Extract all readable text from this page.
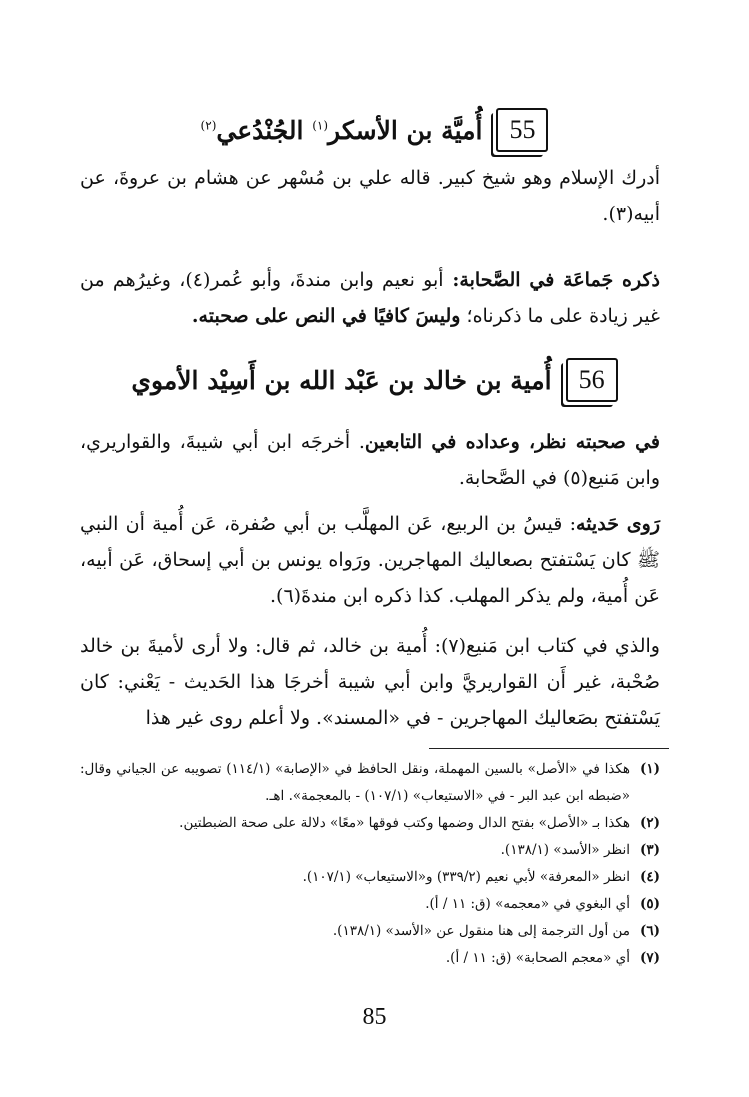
55
أُميَّة بن الأسكر$^{(١)}$ الجُنْدُعي$^{(٢)}$

أدرك الإسلام وهو شيخ كبير. قاله علي بن مُسْهر عن هشام بن عروةَ، عن أبيه(٣).

ذكره جَماعَة في الصَّحابة: أبو نعيم وابن مندةَ، وأبو عُمر(٤)، وغيرُهم من غير زيادة على ما ذكرناه؛ وليسَ كافيًا في النص على صحبته.

56
أُمية بن خالد بن عَبْد الله بن أَسِيْد الأموي

في صحبته نظر، وعداده في التابعين. أخرجَه ابن أبي شيبةَ، والقواريري، وابن مَنيع(٥) في الصَّحابة.

رَوى حَديثه: قيسُ بن الربيع، عَن المهلَّب بن أبي صُفرة، عَن أُمية أن النبي ﷺ كان يَسْتفتح بصعاليك المهاجرين. ورَواه يونس بن أبي إسحاق، عَن أبيه، عَن أُمية، ولم يذكر المهلب. كذا ذكره ابن مندةَ(٦).

والذي في كتاب ابن مَنيع(٧): أُمية بن خالد، ثم قال: ولا أرى لأميةَ بن خالد صُحْبة، غير أَن القواريريَّ وابن أبي شيبة أخرجَا هذا الحَديث - يَعْني: كان يَسْتفتح بصَعاليك المهاجرين - في «المسند». ولا أعلم روى غير هذا

(١)
هكذا في «الأصل» بالسين المهملة، ونقل الحافظ في «الإصابة» (١١٤/١) تصويبه عن الجياني وقال: «ضبطه ابن عبد البر - في «الاستيعاب» (١٠٧/١) - بالمعجمة». اهـ.
(٢)
هكذا بـ «الأصل» بفتح الدال وضمها وكتب فوقها «معًا» دلالة على صحة الضبطتين.
(٣)
انظر «الأسد» (١٣٨/١).
(٤)
انظر «المعرفة» لأبي نعيم (٣٣٩/٢) و«الاستيعاب» (١٠٧/١).
(٥)
أي البغوي في «معجمه» (ق: ١١ / أ).
(٦)
من أول الترجمة إلى هنا منقول عن «الأسد» (١٣٨/١).
(٧)
أي «معجم الصحابة» (ق: ١١ / أ).
85
